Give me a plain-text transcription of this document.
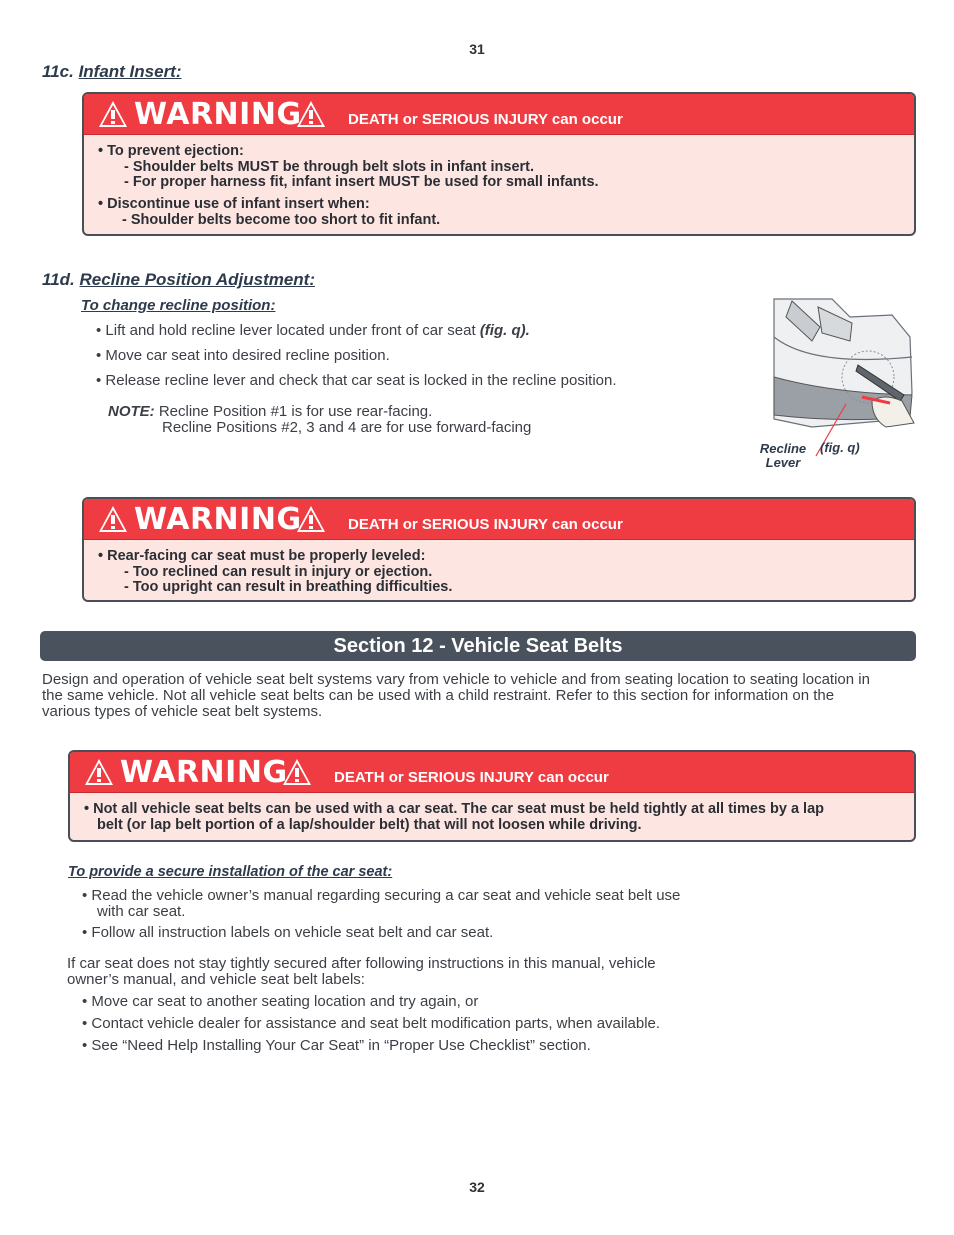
31
11c. Infant Insert:
WARNING	DEATH or SERIOUS INJURY can occur
• To prevent ejection:
- Shoulder belts MUST be through belt slots in infant insert.
- For proper harness fit, infant insert MUST be used for small infants.
• Discontinue use of infant insert when:
- Shoulder belts become too short to fit infant.
11d. Recline Position Adjustment:
To change recline position:
• Lift and hold recline lever located under front of car seat (fig. q).
• Move car seat into desired recline position.
• Release recline lever and check that car seat is locked in the recline position.
NOTE: Recline Position #1 is for use rear-facing.
Recline Positions #2, 3 and 4 are for use forward-facing
Recline
Lever
(fig. q)
WARNING	DEATH or SERIOUS INJURY can occur
• Rear-facing car seat must be properly leveled:
- Too reclined can result in injury or ejection.
- Too upright can result in breathing difficulties.
Section 12 - Vehicle Seat Belts
Design and operation of vehicle seat belt systems vary from vehicle to vehicle and from seating location to seating location in
the same vehicle. Not all vehicle seat belts can be used with a child restraint. Refer to this section for information on the
various types of vehicle seat belt systems.
WARNING	DEATH or SERIOUS INJURY can occur
• Not all vehicle seat belts can be used with a car seat. The car seat must be held tightly at all times by a lap
belt (or lap belt portion of a lap/shoulder belt) that will not loosen while driving.
To provide a secure installation of the car seat:
• Read the vehicle owner’s manual regarding securing a car seat and vehicle seat belt use
with car seat.
• Follow all instruction labels on vehicle seat belt and car seat.
If car seat does not stay tightly secured after following instructions in this manual, vehicle
owner’s manual, and vehicle seat belt labels:
• Move car seat to another seating location and try again, or
• Contact vehicle dealer for assistance and seat belt modification parts, when available.
• See “Need Help Installing Your Car Seat” in “Proper Use Checklist” section.
32
